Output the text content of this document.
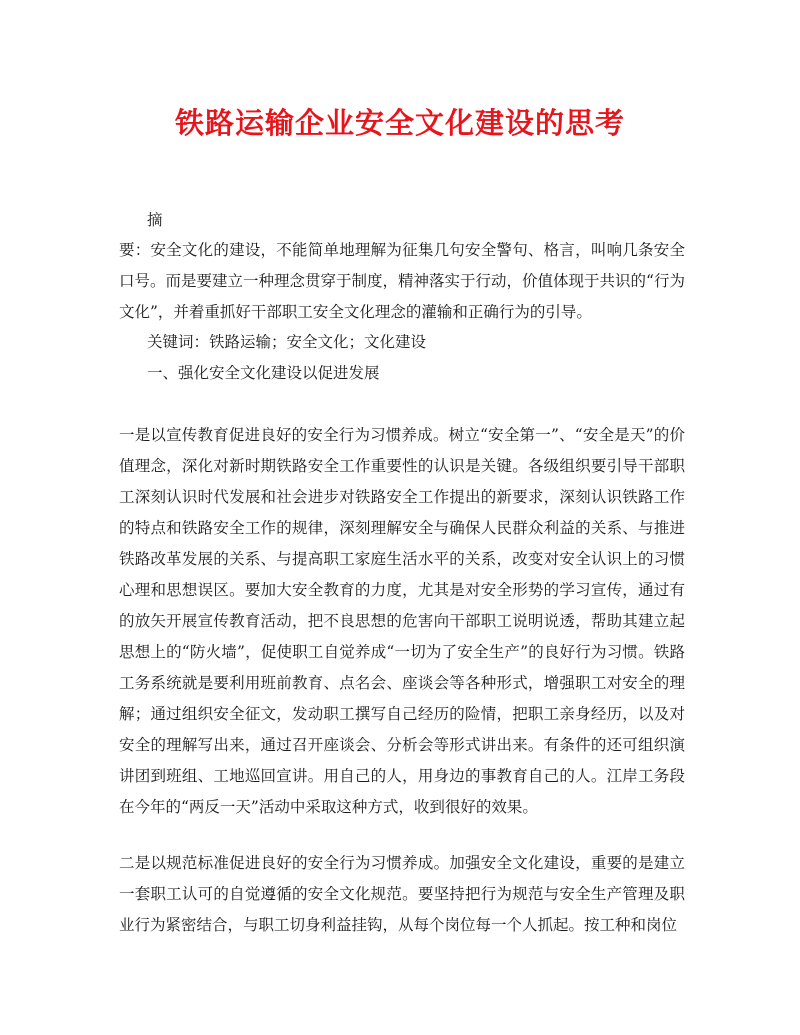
铁路运输企业安全文化建设的思考

摘

要：安全文化的建设，不能简单地理解为征集几句安全警句、格言，叫响几条安全口号。而是要建立一种理念贯穿于制度，精神落实于行动，价值体现于共识的“行为文化”，并着重抓好干部职工安全文化理念的灌输和正确行为的引导。

关键词：铁路运输；安全文化；文化建设

一、强化安全文化建设以促进发展

一是以宣传教育促进良好的安全行为习惯养成。树立“安全第一”、“安全是天”的价值理念，深化对新时期铁路安全工作重要性的认识是关键。各级组织要引导干部职工深刻认识时代发展和社会进步对铁路安全工作提出的新要求，深刻认识铁路工作的特点和铁路安全工作的规律，深刻理解安全与确保人民群众利益的关系、与推进铁路改革发展的关系、与提高职工家庭生活水平的关系，改变对安全认识上的习惯心理和思想误区。要加大安全教育的力度，尤其是对安全形势的学习宣传，通过有的放矢开展宣传教育活动，把不良思想的危害向干部职工说明说透，帮助其建立起思想上的“防火墙”，促使职工自觉养成“一切为了安全生产”的良好行为习惯。铁路工务系统就是要利用班前教育、点名会、座谈会等各种形式，增强职工对安全的理解；通过组织安全征文，发动职工撰写自己经历的险情，把职工亲身经历，以及对安全的理解写出来，通过召开座谈会、分析会等形式讲出来。有条件的还可组织演讲团到班组、工地巡回宣讲。用自己的人，用身边的事教育自己的人。江岸工务段在今年的“两反一天”活动中采取这种方式，收到很好的效果。

二是以规范标准促进良好的安全行为习惯养成。加强安全文化建设，重要的是建立一套职工认可的自觉遵循的安全文化规范。要坚持把行为规范与安全生产管理及职业行为紧密结合，与职工切身利益挂钩，从每个岗位每一个人抓起。按工种和岗位
